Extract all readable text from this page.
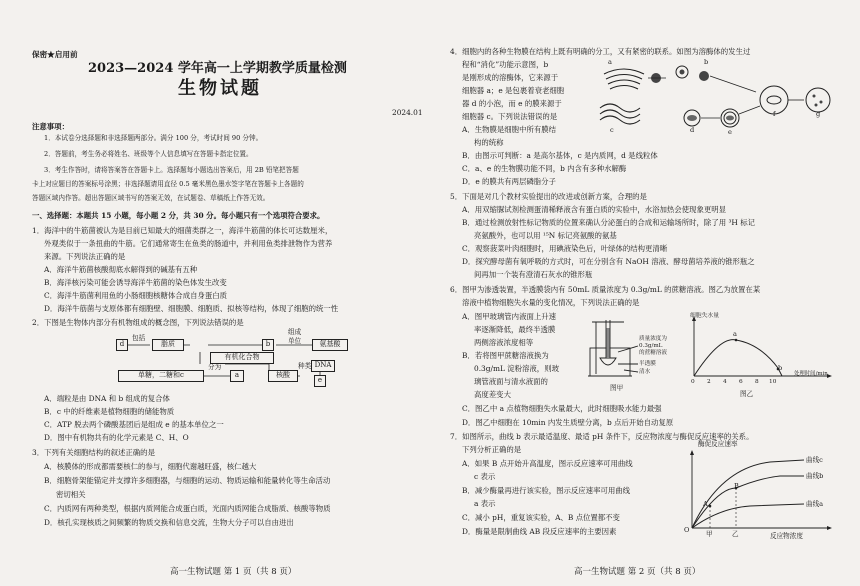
保密★启用前
2023—2024 学年高一上学期教学质量检测
生物试题
2024.01
注意事项：
1．本试卷分选择题和非选择题两部分。满分 100 分，考试时间 90 分钟。
2．答题前，考生务必将姓名、班级等个人信息填写在答题卡指定位置。
3．考生作答时，请将答案答在答题卡上。选择题每小题选出答案后，用 2B 铅笔把答题
卡上对应题目的答案标号涂黑；非选择题请用直径 0.5 毫米黑色墨水签字笔在答题卡上各题的
答题区域内作答。超出答题区域书写的答案无效，在试题卷、草稿纸上作答无效。
一、选择题：本题共 15 小题，每小题 2 分，共 30 分。每小题只有一个选项符合要求。
1．海洋中的牛筋菌被认为是目前已知最大的细菌类群之一，海洋牛筋菌的体长可达数厘米，
外观类似于一条扭曲的牛筋。它们通常寄生在鱼类的肠道中，并利用鱼类排泄物作为营养
来源。下列说法正确的是
A．海洋牛筋菌核酸彻底水解得到的碱基有五种
B．海洋核污染可能会诱导海洋牛筋菌的染色体发生改变
C．海洋牛筋菌利用鱼的小肠细胞核糖体合成自身蛋白质
D．海洋牛筋菌与支原体都有细胞壁、细胞膜、细胞质、拟核等结构，体现了细胞的统一性
2．下图是生物体内部分有机物组成的概念图，下列说法错误的是
d
包括
脂质	b
组成
单位	氨基酸
有机化合物
单糖，二糖和c
分为
a	核酸
种类 DNA
e
A．端粒是由 DNA 和 b 组成的复合体
B．c 中的纤维素是植物细胞的储能物质
C．ATP 脱去两个磷酸基团后是组成 e 的基本单位之一
D．图中有机物共有的化学元素是 C、H、O
3．下列有关细胞结构的叙述正确的是
A．核膜体的形成都需要核仁的参与，细胞代谢越旺盛，核仁越大
B．细胞骨架能锚定并支撑许多细胞器，与细胞的运动、物质运输和能量转化等生命活动
密切相关
C．内质网有两种类型，根据内质网能合成蛋白质，光面内质网能合成脂质、核酸等物质
D．核孔实现核质之间频繁的物质交换和信息交流，生物大分子可以自由进出
高一生物试题 第 1 页（共 8 页）
4．细胞内的各种生物膜在结构上既有明确的分工，又有紧密的联系。如图为溶酶体的发生过
程和“消化”功能示意图，b
是刚形成的溶酶体，它来源于
细胞器 a；e 是包裹着衰老细胞
器 d 的小泡，而 e 的膜来源于
细胞器 c。下列说法错误的是
A．生物膜是细胞中所有膜结
构的统称
B．由图示可判断：a 是高尔基体，c 是内质网，d 是线粒体
C．a、e 的生物膜功能不同，b 内含有多种水解酶
D．e 的膜共有两层磷脂分子
a	b
c	d	e
f	g
5．下面是对几个教材实验提出的改进或创新方案，合理的是
A．用双缩脲试剂检测蛋清稀释液含有蛋白质的实验中，水浴加热会使现象更明显
B．通过检测放射性标记物质的位置来确认分泌蛋白的合成和运输场所时，除了用 ³H 标记
亮氨酸外，也可以用 ¹⁵N 标记亮氨酸的氨基
C．观察菠菜叶肉细胞时，用碘液染色后，叶绿体的结构更清晰
D．探究酵母菌有氧呼吸的方式时，可在分别含有 NaOH 溶液、酵母菌培养液的锥形瓶之
间再加一个装有澄清石灰水的锥形瓶
6．图甲为渗透装置，半透膜袋内有 50mL 质量浓度为 0.3g/mL 的蔗糖溶液。图乙为放置在某
溶液中植物细胞失水量的变化情况，下列说法正确的是
A．图甲玻璃管内液面上升速
率逐渐降低，最终半透膜
两侧溶液浓度相等
B．若将图甲蔗糖溶液换为
0.3g/mL 淀粉溶液，则玻
璃管液面与清水液面的
高度差变大
C．图乙中 a 点植物细胞失水量最大，此时细胞吸水能力最强
D．图乙中细胞在 10min 内发生质壁分离，b 点后开始自动复原
质量浓度为
0.3g/mL
的蔗糖溶液
半透膜
清水
图甲
细胞失水量
a
b
0 2 4 6 8 10
处理时间/min
图乙
7．如图所示，曲线 b 表示最适温度、最适 pH 条件下，反应物浓度与酶促反应速率的关系。
下列分析正确的是
A．如果 B 点开始升高温度，图示反应速率可用曲线
c 表示
B．减少酶量再进行该实验，图示反应速率可用曲线
a 表示
C．减小 pH，重复该实验，A、B 点位置都不变
D．酶量是限制曲线 AB 段反应速率的主要因素
酶促反应速率
曲线c
曲线b
曲线a
A
B
O	甲	乙	反应物浓度
高一生物试题 第 2 页（共 8 页）
